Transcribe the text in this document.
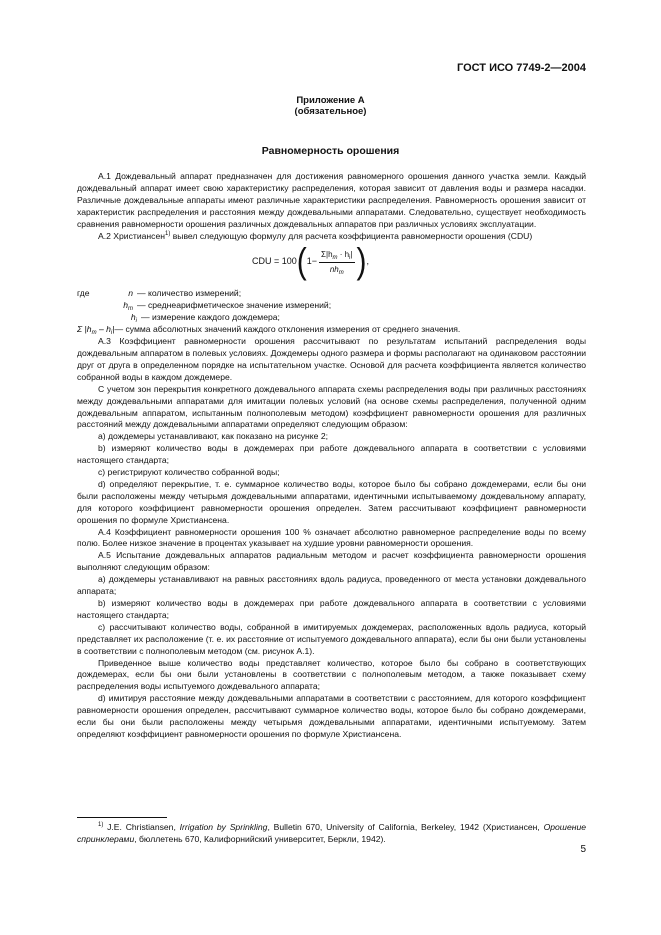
ГОСТ ИСО 7749-2—2004
Приложение А
(обязательное)
Равномерность орошения

А.1 Дождевальный аппарат предназначен для достижения равномерного орошения данного участка земли. Каждый дождевальный аппарат имеет свою характеристику распределения, которая зависит от давления воды и размера насадки. Различные дождевальные аппараты имеют различные характеристики распределения. Равномерность орошения зависит от характеристик распределения и расстояния между дождевальными аппаратами. Следовательно, существует необходимость сравнения равномерности орошения различных дождевальных аппаратов при различных условиях эксплуатации.

А.2 Христиансен$^{1)}$ вывел следующую формулу для расчета коэффициента равномерности орошения (CDU)

CDU = 100 ( $1- \frac{\Sigma|h_m \cdot h_i|}{nh_m}$ ) ,
где	n — количество измерений;
$h_m$ — среднеарифметическое значение измерений;
$h_i$ — измерение каждого дождемера;
Σ $|h_m - h_i|$ — сумма абсолютных значений каждого отклонения измерения от среднего значения.

А.3 Коэффициент равномерности орошения рассчитывают по результатам испытаний распределения воды дождевальным аппаратом в полевых условиях. Дождемеры одного размера и формы располагают на одинаковом расстоянии друг от друга в определенном порядке на испытательном участке. Основой для расчета коэффициента является количество собранной воды в каждом дождемере.

С учетом зон перекрытия конкретного дождевального аппарата схемы распределения воды при различных расстояниях между дождевальными аппаратами для имитации полевых условий (на основе схемы распределения, полученной одним дождевальным аппаратом, испытанным полнополевым методом) коэффициент равномерности орошения для различных расстояний между дождевальными аппаратами определяют следующим образом:

а) дождемеры устанавливают, как показано на рисунке 2;

b) измеряют количество воды в дождемерах при работе дождевального аппарата в соответствии с условиями настоящего стандарта;

с) регистрируют количество собранной воды;

d) определяют перекрытие, т. е. суммарное количество воды, которое было бы собрано дождемерами, если бы они были расположены между четырьмя дождевальными аппаратами, идентичными испытываемому дождевальному аппарату, для которого коэффициент равномерности орошения определен. Затем рассчитывают коэффициент равномерности орошения по формуле Христиансена.

А.4 Коэффициент равномерности орошения 100 % означает абсолютно равномерное распределение воды по всему полю. Более низкое значение в процентах указывает на худшие уровни равномерности орошения.

А.5 Испытание дождевальных аппаратов радиальным методом и расчет коэффициента равномерности орошения выполняют следующим образом:

а) дождемеры устанавливают на равных расстояниях вдоль радиуса, проведенного от места установки дождевального аппарата;

b) измеряют количество воды в дождемерах при работе дождевального аппарата в соответствии с условиями настоящего стандарта;

с) рассчитывают количество воды, собранной в имитируемых дождемерах, расположенных вдоль радиуса, который представляет их расположение (т. е. их расстояние от испытуемого дождевального аппарата), если бы они были установлены в соответствии с полнополевым методом (см. рисунок А.1).

Приведенное выше количество воды представляет количество, которое было бы собрано в соответствующих дождемерах, если бы они были установлены в соответствии с полнополевым методом, а также показывает схему распределения воды испытуемого дождевального аппарата;

d) имитируя расстояние между дождевальными аппаратами в соответствии с расстоянием, для которого коэффициент равномерности орошения определен, рассчитывают суммарное количество воды, которое было бы собрано дождемерами, если бы они были расположены между четырьмя дождевальными аппаратами, идентичными испытуемому. Затем определяют коэффициент равномерности орошения по формуле Христиансена.

$^{1)}$ J.E. Christiansen, Irrigation by Sprinkling, Bulletin 670, University of California, Berkeley, 1942 (Христиансен, Орошение спринклерами, бюллетень 670, Калифорнийский университет, Беркли, 1942).
5
